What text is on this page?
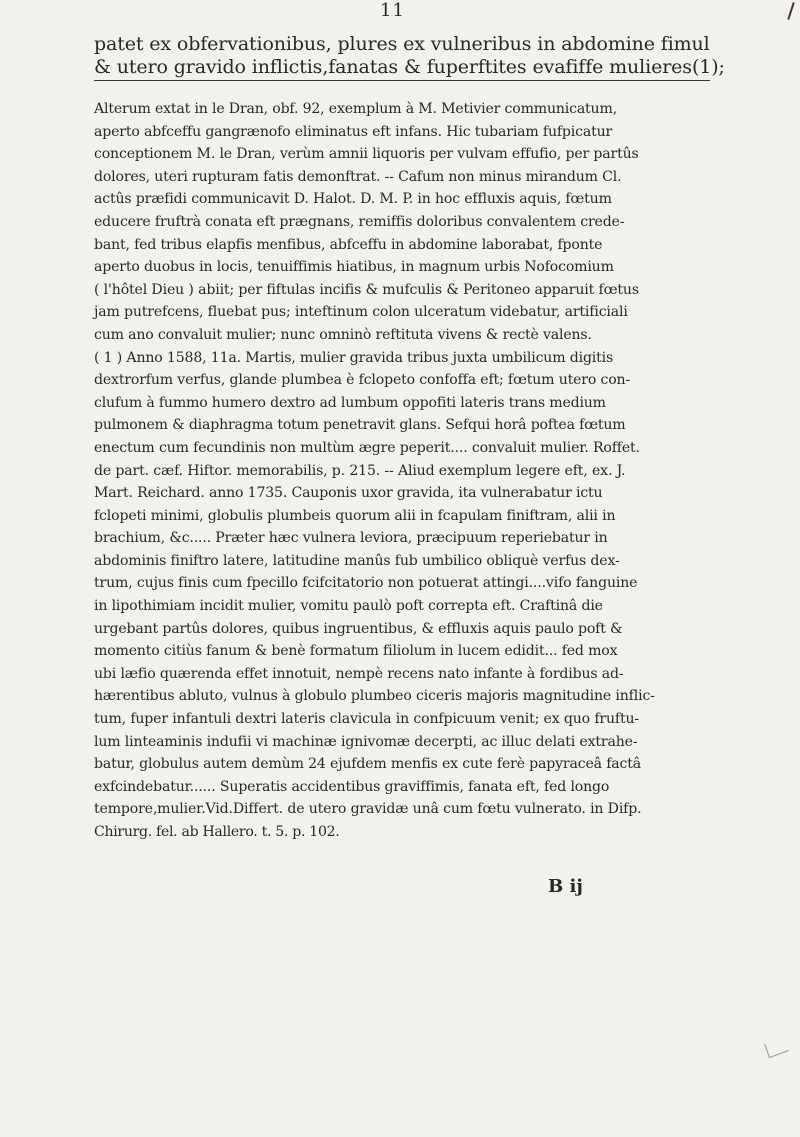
11
patet ex obfervationibus, plures ex vulneribus in abdomine fimul
& utero gravido inflictis,fanatas & fuperftites evafiffe mulieres(1);
Alterum extat in le Dran, obf. 92, exemplum à M. Metivier communicatum,
aperto abfceffu gangrænofo eliminatus eft infans. Hic tubariam fufpicatur
conceptionem M. le Dran, verùm amnii liquoris per vulvam effufio, per partûs
dolores, uteri rupturam fatis demonftrat. -- Cafum non minus mirandum Cl.
actûs præfidi communicavit D. Halot. D. M. P. in hoc effluxis aquis, fœtum
educere fruftrà conata eft prægnans, remiffis doloribus convalentem crede-
bant, fed tribus elapfis menfibus, abfceffu in abdomine laborabat, fponte
aperto duobus in locis, tenuiffimis hiatibus, in magnum urbis Nofocomium
( l'hôtel Dieu ) abiit; per fiftulas incifis & mufculis & Peritoneo apparuit fœtus
jam putrefcens, fluebat pus; inteftinum colon ulceratum videbatur, artificiali
cum ano convaluit mulier; nunc omninò reftituta vivens & rectè valens.
( 1 ) Anno 1588, 11a. Martis, mulier gravida tribus juxta umbilicum digitis
dextrorfum verfus, glande plumbea è fclopeto confoffa eft; fœtum utero con-
clufum à fummo humero dextro ad lumbum oppofiti lateris trans medium
pulmonem & diaphragma totum penetravit glans. Sefqui horâ poftea fœtum
enectum cum fecundinis non multùm ægre peperit.... convaluit mulier. Roffet.
de part. cæf. Hiftor. memorabilis, p. 215. -- Aliud exemplum legere eft, ex. J.
Mart. Reichard. anno 1735. Cauponis uxor gravida, ita vulnerabatur ictu
fclopeti minimi, globulis plumbeis quorum alii in fcapulam finiftram, alii in
brachium, &c..... Præter hæc vulnera leviora, præcipuum reperiebatur in
abdominis finiftro latere, latitudine manûs fub umbilico obliquè verfus dex-
trum, cujus finis cum fpecillo fcifcitatorio non potuerat attingi....vifo fanguine
in lipothimiam incidit mulier, vomitu paulò poft correpta eft. Craftinâ die
urgebant partûs dolores, quibus ingruentibus, & effluxis aquis paulo poft &
momento citiùs fanum & benè formatum filiolum in lucem edidit... fed mox
ubi læfio quærenda effet innotuit, nempè recens nato infante à fordibus ad-
hærentibus abluto, vulnus à globulo plumbeo ciceris majoris magnitudine inflic-
tum, fuper infantuli dextri lateris clavicula in confpicuum venit; ex quo fruftu-
lum linteaminis indufii vi machinæ ignivomæ decerpti, ac illuc delati extrahe-
batur, globulus autem demùm 24 ejufdem menfis ex cute ferè papyraceâ factâ
exfcindebatur...... Superatis accidentibus graviffimis, fanata eft, fed longo
tempore,mulier.Vid.Differt. de utero gravidæ unâ cum fœtu vulnerato. in Difp.
Chirurg. fel. ab Hallero. t. 5. p. 102.
B ij
